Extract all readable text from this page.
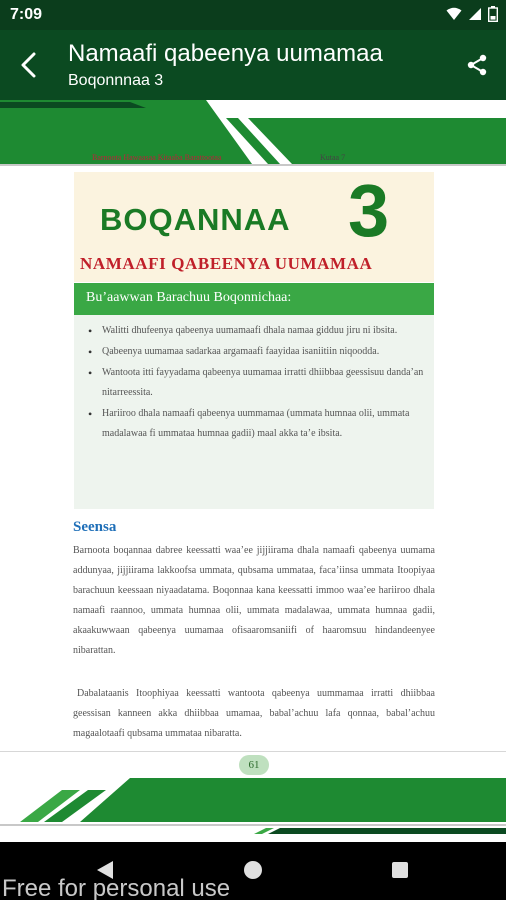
7:09
Namaafi qabeenya uumamaa
Boqonnnaa 3
Barnoota Hawaasaa Kitaaba Barattootaa	Kutaa 7
BOQANNAA 3
NAMAAFI QABEENYA UUMAMAA
Bu’aawwan Barachuu Boqonnichaa:
• Walitti dhufeenya qabeenya uumamaafi dhala namaa gidduu jiru ni ibsita.
• Qabeenya uumamaa sadarkaa argamaafi faayidaa isaniitiin niqoodda.
• Wantoota itti fayyadama qabeenya uumamaa irratti dhiibbaa geessisuu danda’an nitarreessita.
• Hariiroo dhala namaafi qabeenya uummamaa (ummata humnaa olii, ummata madalawaa fi ummataa humnaa gadii) maal akka ta’e ibsita.
Seensa

Barnoota boqannaa dabree keessatti waa’ee jijjiirama dhala namaafi qabeenya uumama addunyaa, jijjiirama lakkoofsa ummata, qubsama ummataa, faca’iinsa ummata Itoopiyaa barachuun keessaan niyaadatama. Boqonnaa kana keessatti immoo waa’ee hariiroo dhala namaafi raannoo, ummata humnaa olii, ummata madalawaa, ummata humnaa gadii, akaakuwwaan qabeenya uumamaa ofisaaromsaniifi of haaromsuu hindandeenyee nibarattan.

Dabalataanis Itoophiyaa keessatti wantoota qabeenya uummamaa irratti dhiibbaa geessisan kanneen akka dhiibbaa umamaa, babal’achuu lafa qonnaa, babal’achuu magaalotaafi qubsama ummataa nibaratta.

61
Free for personal use
